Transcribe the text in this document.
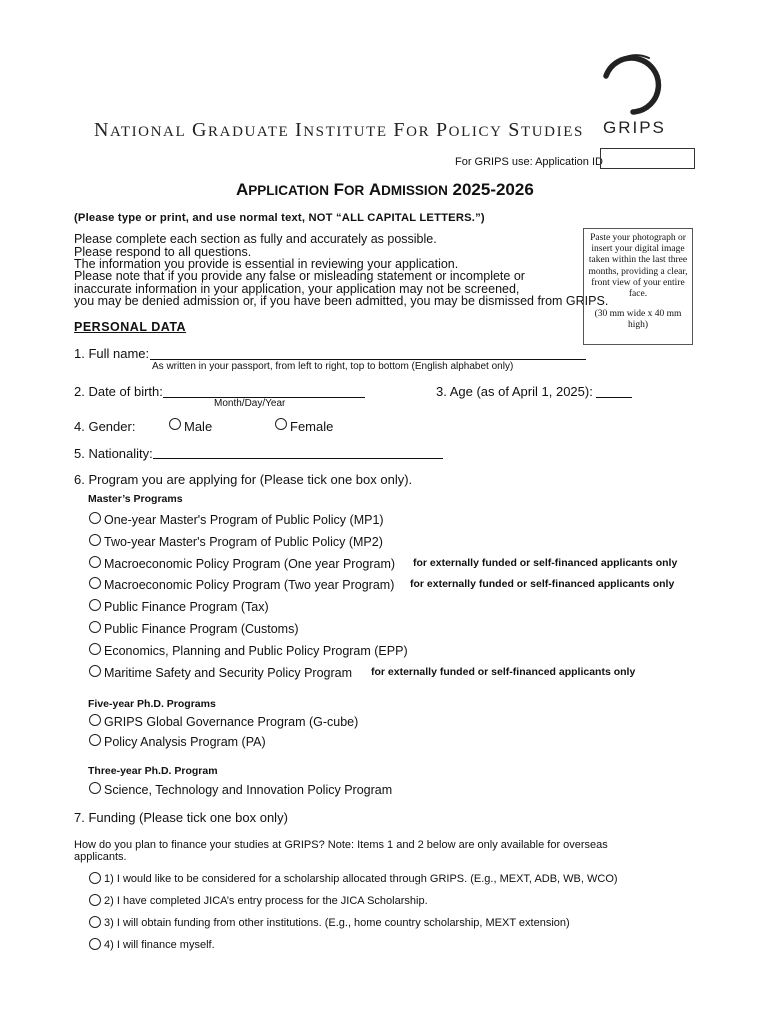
GRIPS
NATIONAL GRADUATE INSTITUTE FOR POLICY STUDIES
For GRIPS use: Application ID
APPLICATION FOR ADMISSION 2025-2026
(Please type or print, and use normal text, NOT “ALL CAPITAL LETTERS.”)
Please complete each section as fully and accurately as possible.
Please respond to all questions.
The information you provide is essential in reviewing your application.
Please note that if you provide any false or misleading statement or incomplete or
inaccurate information in your application, your application may not be screened,
you may be denied admission or, if you have been admitted, you may be dismissed from GRIPS.
Paste your photograph or insert your digital image taken within the last three months, providing a clear, front view of your entire face.
(30 mm wide x 40 mm high)
PERSONAL DATA
1. Full name:
As written in your passport, from left to right, top to bottom (English alphabet only)
2. Date of birth:
Month/Day/Year
3. Age (as of April 1, 2025):
4. Gender:	Male	Female
5. Nationality:
6. Program you are applying for (Please tick one box only).
Master’s Programs
One-year Master's Program of Public Policy (MP1)
Two-year Master's Program of Public Policy (MP2)
Macroeconomic Policy Program (One year Program) for externally funded or self-financed applicants only
Macroeconomic Policy Program (Two year Program) for externally funded or self-financed applicants only
Public Finance Program (Tax)
Public Finance Program (Customs)
Economics, Planning and Public Policy Program (EPP)
Maritime Safety and Security Policy Program for externally funded or self-financed applicants only
Five-year Ph.D. Programs
GRIPS Global Governance Program (G-cube)
Policy Analysis Program (PA)
Three-year Ph.D. Program
Science, Technology and Innovation Policy Program
7. Funding (Please tick one box only)
How do you plan to finance your studies at GRIPS? Note: Items 1 and 2 below are only available for overseas
applicants.
1) I would like to be considered for a scholarship allocated through GRIPS. (E.g., MEXT, ADB, WB, WCO)
2) I have completed JICA’s entry process for the JICA Scholarship.
3) I will obtain funding from other institutions. (E.g., home country scholarship, MEXT extension)
4) I will finance myself.
